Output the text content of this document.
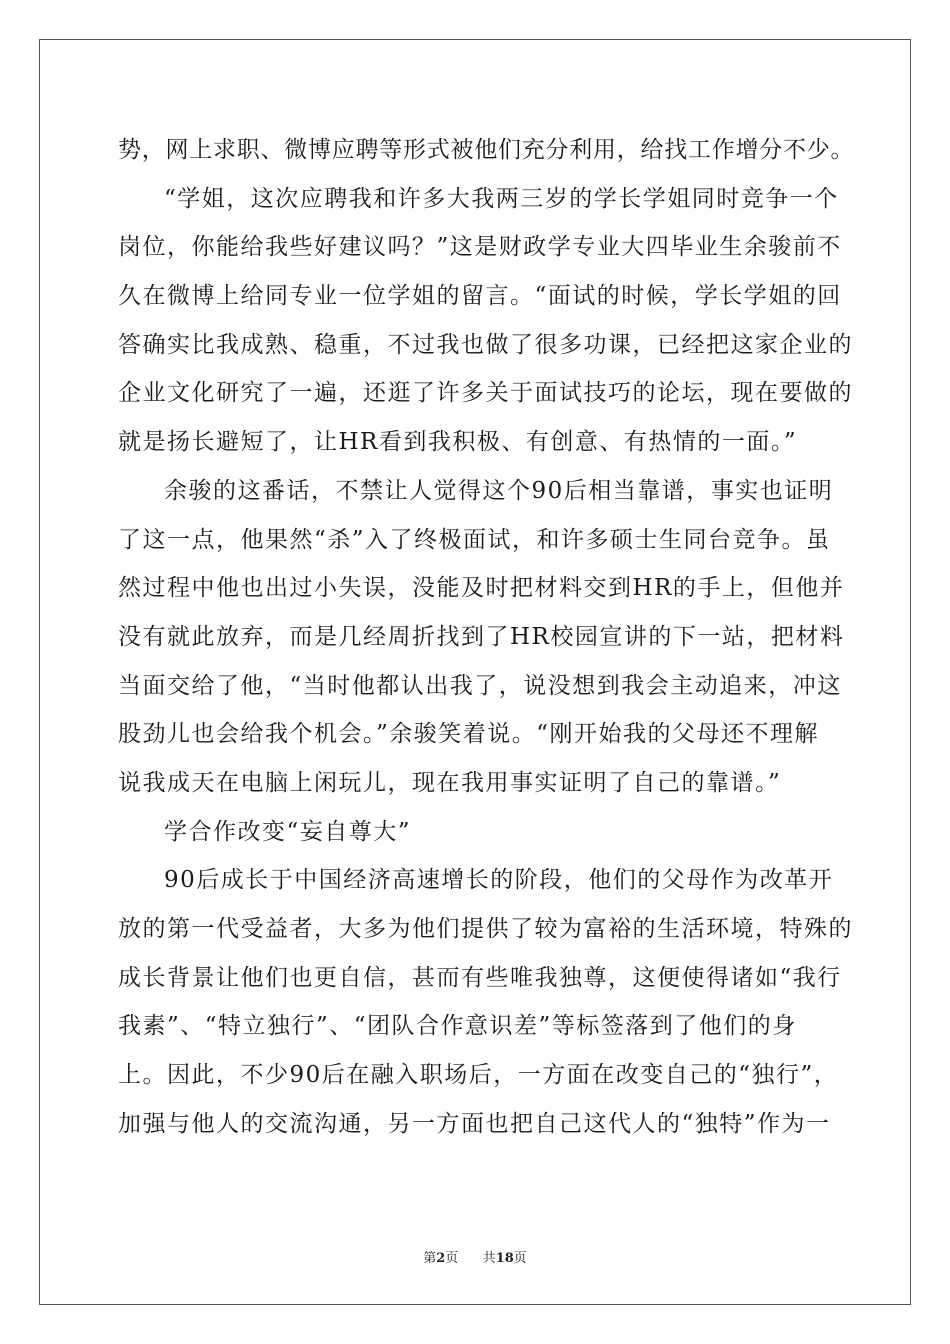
势，网上求职、微博应聘等形式被他们充分利用，给找工作增分不少。
“学姐，这次应聘我和许多大我两三岁的学长学姐同时竞争一个
岗位，你能给我些好建议吗？”这是财政学专业大四毕业生余骏前不
久在微博上给同专业一位学姐的留言。“面试的时候，学长学姐的回
答确实比我成熟、稳重，不过我也做了很多功课，已经把这家企业的
企业文化研究了一遍，还逛了许多关于面试技巧的论坛，现在要做的
就是扬长避短了，让HR看到我积极、有创意、有热情的一面。”
余骏的这番话，不禁让人觉得这个90后相当靠谱，事实也证明
了这一点，他果然“杀”入了终极面试，和许多硕士生同台竞争。虽
然过程中他也出过小失误，没能及时把材料交到HR的手上，但他并
没有就此放弃，而是几经周折找到了HR校园宣讲的下一站，把材料
当面交给了他，“当时他都认出我了，说没想到我会主动追来，冲这
股劲儿也会给我个机会。”余骏笑着说。“刚开始我的父母还不理解
说我成天在电脑上闲玩儿，现在我用事实证明了自己的靠谱。”
学合作改变“妄自尊大”
90后成长于中国经济高速增长的阶段，他们的父母作为改革开
放的第一代受益者，大多为他们提供了较为富裕的生活环境，特殊的
成长背景让他们也更自信，甚而有些唯我独尊，这便使得诸如“我行
我素”、“特立独行”、“团队合作意识差”等标签落到了他们的身
上。因此，不少90后在融入职场后，一方面在改变自己的“独行”，
加强与他人的交流沟通，另一方面也把自己这代人的“独特”作为一
第2页 共18页
